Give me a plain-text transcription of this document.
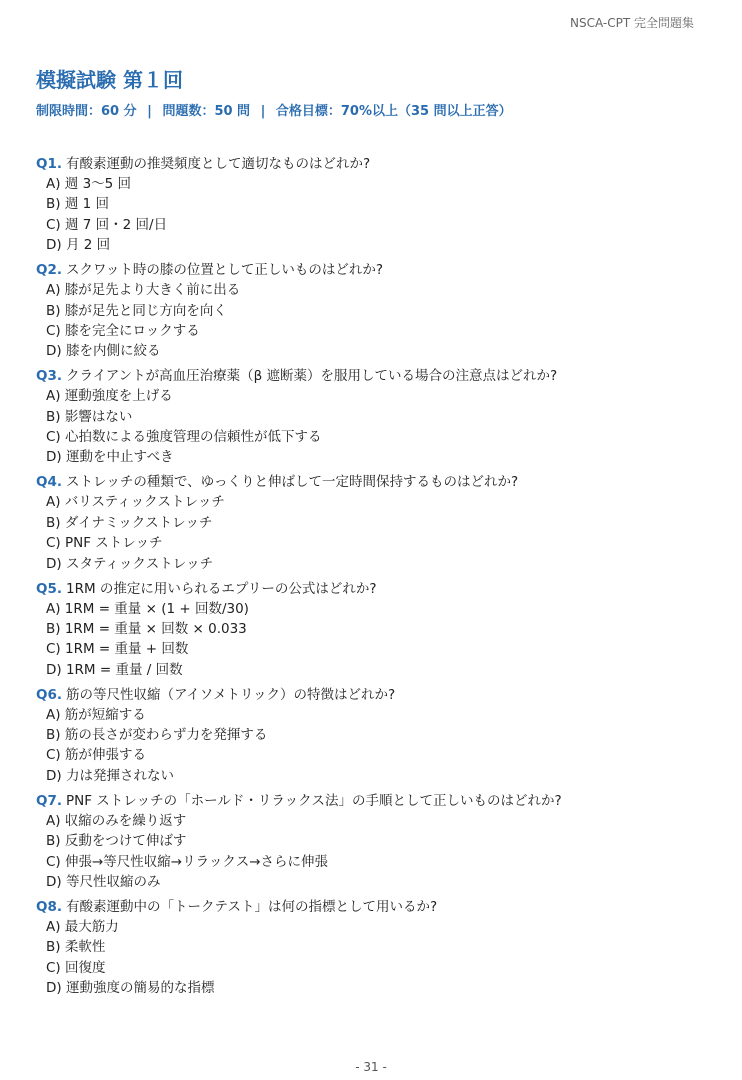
NSCA-CPT 完全問題集
模擬試験 第１回
制限時間：60 分 | 問題数：50 問 | 合格目標：70%以上（35 問以上正答）
Q1. 有酸素運動の推奨頻度として適切なものはどれか?
A) 週 3〜5 回
B) 週 1 回
C) 週 7 回・2 回/日
D) 月 2 回
Q2. スクワット時の膝の位置として正しいものはどれか?
A) 膝が足先より大きく前に出る
B) 膝が足先と同じ方向を向く
C) 膝を完全にロックする
D) 膝を内側に絞る
Q3. クライアントが高血圧治療薬（β 遮断薬）を服用している場合の注意点はどれか?
A) 運動強度を上げる
B) 影響はない
C) 心拍数による強度管理の信頼性が低下する
D) 運動を中止すべき
Q4. ストレッチの種類で、ゆっくりと伸ばして一定時間保持するものはどれか?
A) バリスティックストレッチ
B) ダイナミックストレッチ
C) PNF ストレッチ
D) スタティックストレッチ
Q5. 1RM の推定に用いられるエプリーの公式はどれか?
A) 1RM = 重量 × (1 + 回数/30)
B) 1RM = 重量 × 回数 × 0.033
C) 1RM = 重量 + 回数
D) 1RM = 重量 / 回数
Q6. 筋の等尺性収縮（アイソメトリック）の特徴はどれか?
A) 筋が短縮する
B) 筋の長さが変わらず力を発揮する
C) 筋が伸張する
D) 力は発揮されない
Q7. PNF ストレッチの「ホールド・リラックス法」の手順として正しいものはどれか?
A) 収縮のみを繰り返す
B) 反動をつけて伸ばす
C) 伸張→等尺性収縮→リラックス→さらに伸張
D) 等尺性収縮のみ
Q8. 有酸素運動中の「トークテスト」は何の指標として用いるか?
A) 最大筋力
B) 柔軟性
C) 回復度
D) 運動強度の簡易的な指標
- 31 -
